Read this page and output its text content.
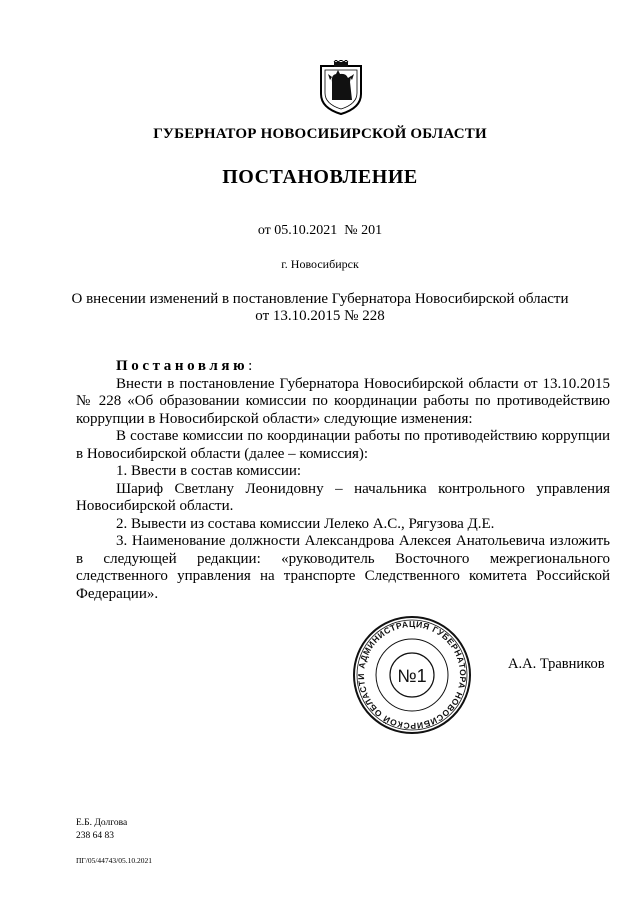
ГУБЕРНАТОР НОВОСИБИРСКОЙ ОБЛАСТИ
ПОСТАНОВЛЕНИЕ
от 05.10.2021  № 201
г. Новосибирск
О внесении изменений в постановление Губернатора Новосибирской области
от 13.10.2015 № 228

Постановляю:

Внести в постановление Губернатора Новосибирской области от 13.10.2015 № 228 «Об образовании комиссии по координации работы по противодействию коррупции в Новосибирской области» следующие изменения:

В составе комиссии по координации работы по противодействию коррупции в Новосибирской области (далее – комиссия):

1. Ввести в состав комиссии:

Шариф Светлану Леонидовну – начальника контрольного управления Новосибирской области.

2. Вывести из состава комиссии Лелеко А.С., Рягузова Д.Е.

3. Наименование должности Александрова Алексея Анатольевича изложить в следующей редакции: «руководитель Восточного межрегионального следственного управления на транспорте Следственного комитета Российской Федерации».

АДМИНИСТРАЦИЯ ГУБЕРНАТОРА НОВОСИБИРСКОЙ ОБЛАСТИ	№1
А.А. Травников
Е.Б. Долгова
238 64 83
ПГ/05/44743/05.10.2021
